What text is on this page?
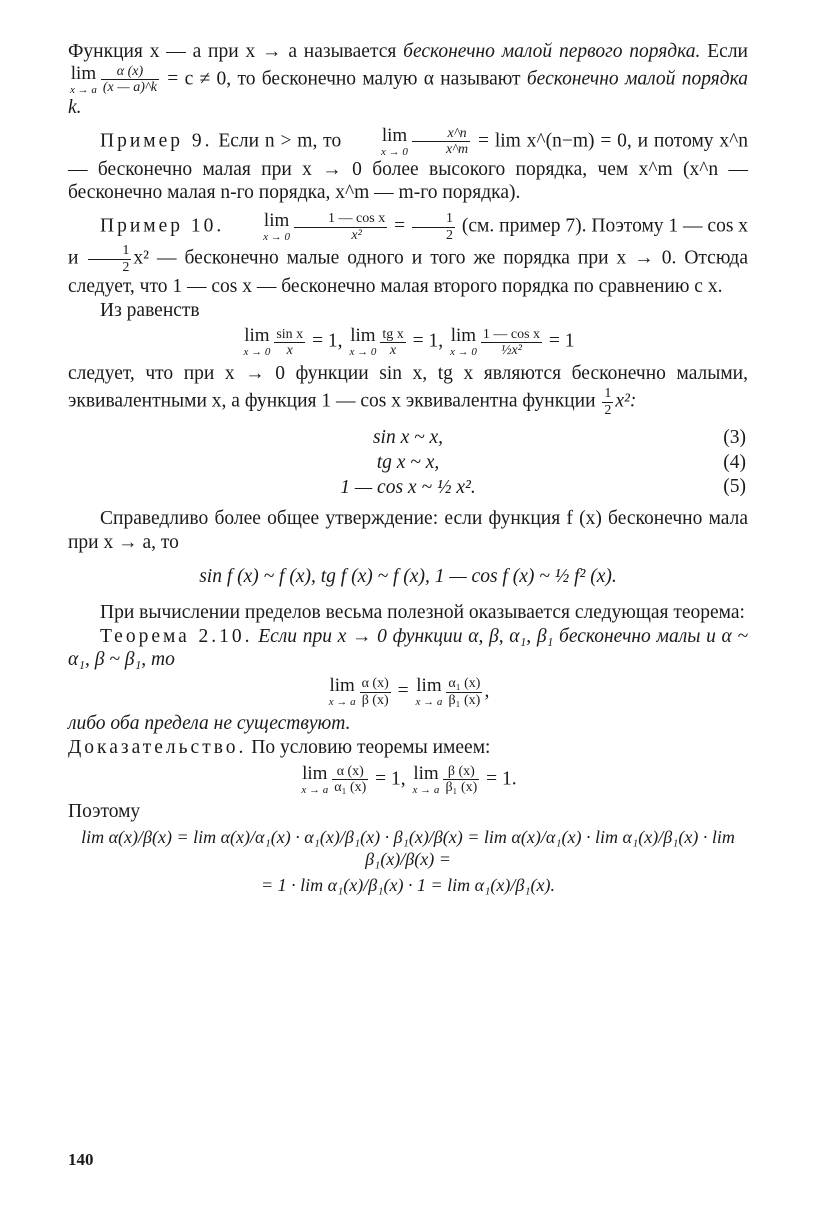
Функция x — a при x → a называется бесконечно малой первого порядка. Если
lim
x → a $\frac{\alpha (x)}{(x — a)\^{}k} = c \ne 0$, то бесконечно малую α называют бесконечно малой порядка k.

Пример 9. Если n > m, то	lim
$x \to 0 \frac{x\^{}n}{x\^{}m} = \lim$ x^(n−m) = 0, и потому x^n — бесконечно малая при x → 0 более высокого порядка, чем x^m (x^n — бесконечно малая n-го порядка, x^m — m-го порядка).

Пример 10.	lim
$x \to 0 \frac{\text{1 — cos x}}{\text{x²}} = \frac{1}{2} (см$. пример 7). Поэтому 1 — cos x и $\frac{1}{2} x^2$ — бесконечно малые одного и того же порядка при x → 0. Отсюда следует, что 1 — cos x — бесконечно малая второго порядка по сравнению с x.

Из равенств

lim
$x \to 0 \frac{\text{sin x}}{x} = 1$, lim
$x \to 0 \frac{\text{tg x}}{x} = 1$, lim
$x \to 0 \frac{\text{1 — cos x}}{\text{½x²}} = 1$

следует, что при x → 0 функции sin x, tg x являются бесконечно малыми, эквивалентными x, а функция 1 — cos x эквивалентна функции $\frac{1}{2} x^2$:

sin x ~ x,	(3)
tg x ~ x,	(4)
1 — cos x ~ ½ x².	(5)

Справедливо более общее утверждение: если функция f (x) бесконечно мала при x → a, то

sin f (x) ~ f (x), tg f (x) ~ f (x), 1 — cos f (x) ~ ½ f² (x).

При вычислении пределов весьма полезной оказывается следующая теорема:

Теорема 2.10. Если при x → 0 функции α, β, α₁, β₁ бесконечно малы и α ~ α₁, β ~ β₁, то

lim
x → a $\frac{\alpha (x)}{\beta (x)} = \lim$
x → a $\frac{\text{α₁ (x)}}{\text{β₁ (x)}}$ ,

либо оба предела не существуют.

Доказательство. По условию теоремы имеем:

lim
x → a $\frac{\alpha (x)}{\text{α₁ (x)}} = 1$, lim
x → a $\frac{\beta (x)}{\text{β₁ (x)}} = 1$.

Поэтому

lim α(x)/β(x) = lim α(x)/α₁(x) · α₁(x)/β₁(x) · β₁(x)/β(x) = lim α(x)/α₁(x) · lim α₁(x)/β₁(x) · lim β₁(x)/β(x) =
= 1 · lim α₁(x)/β₁(x) · 1 = lim α₁(x)/β₁(x).
140
